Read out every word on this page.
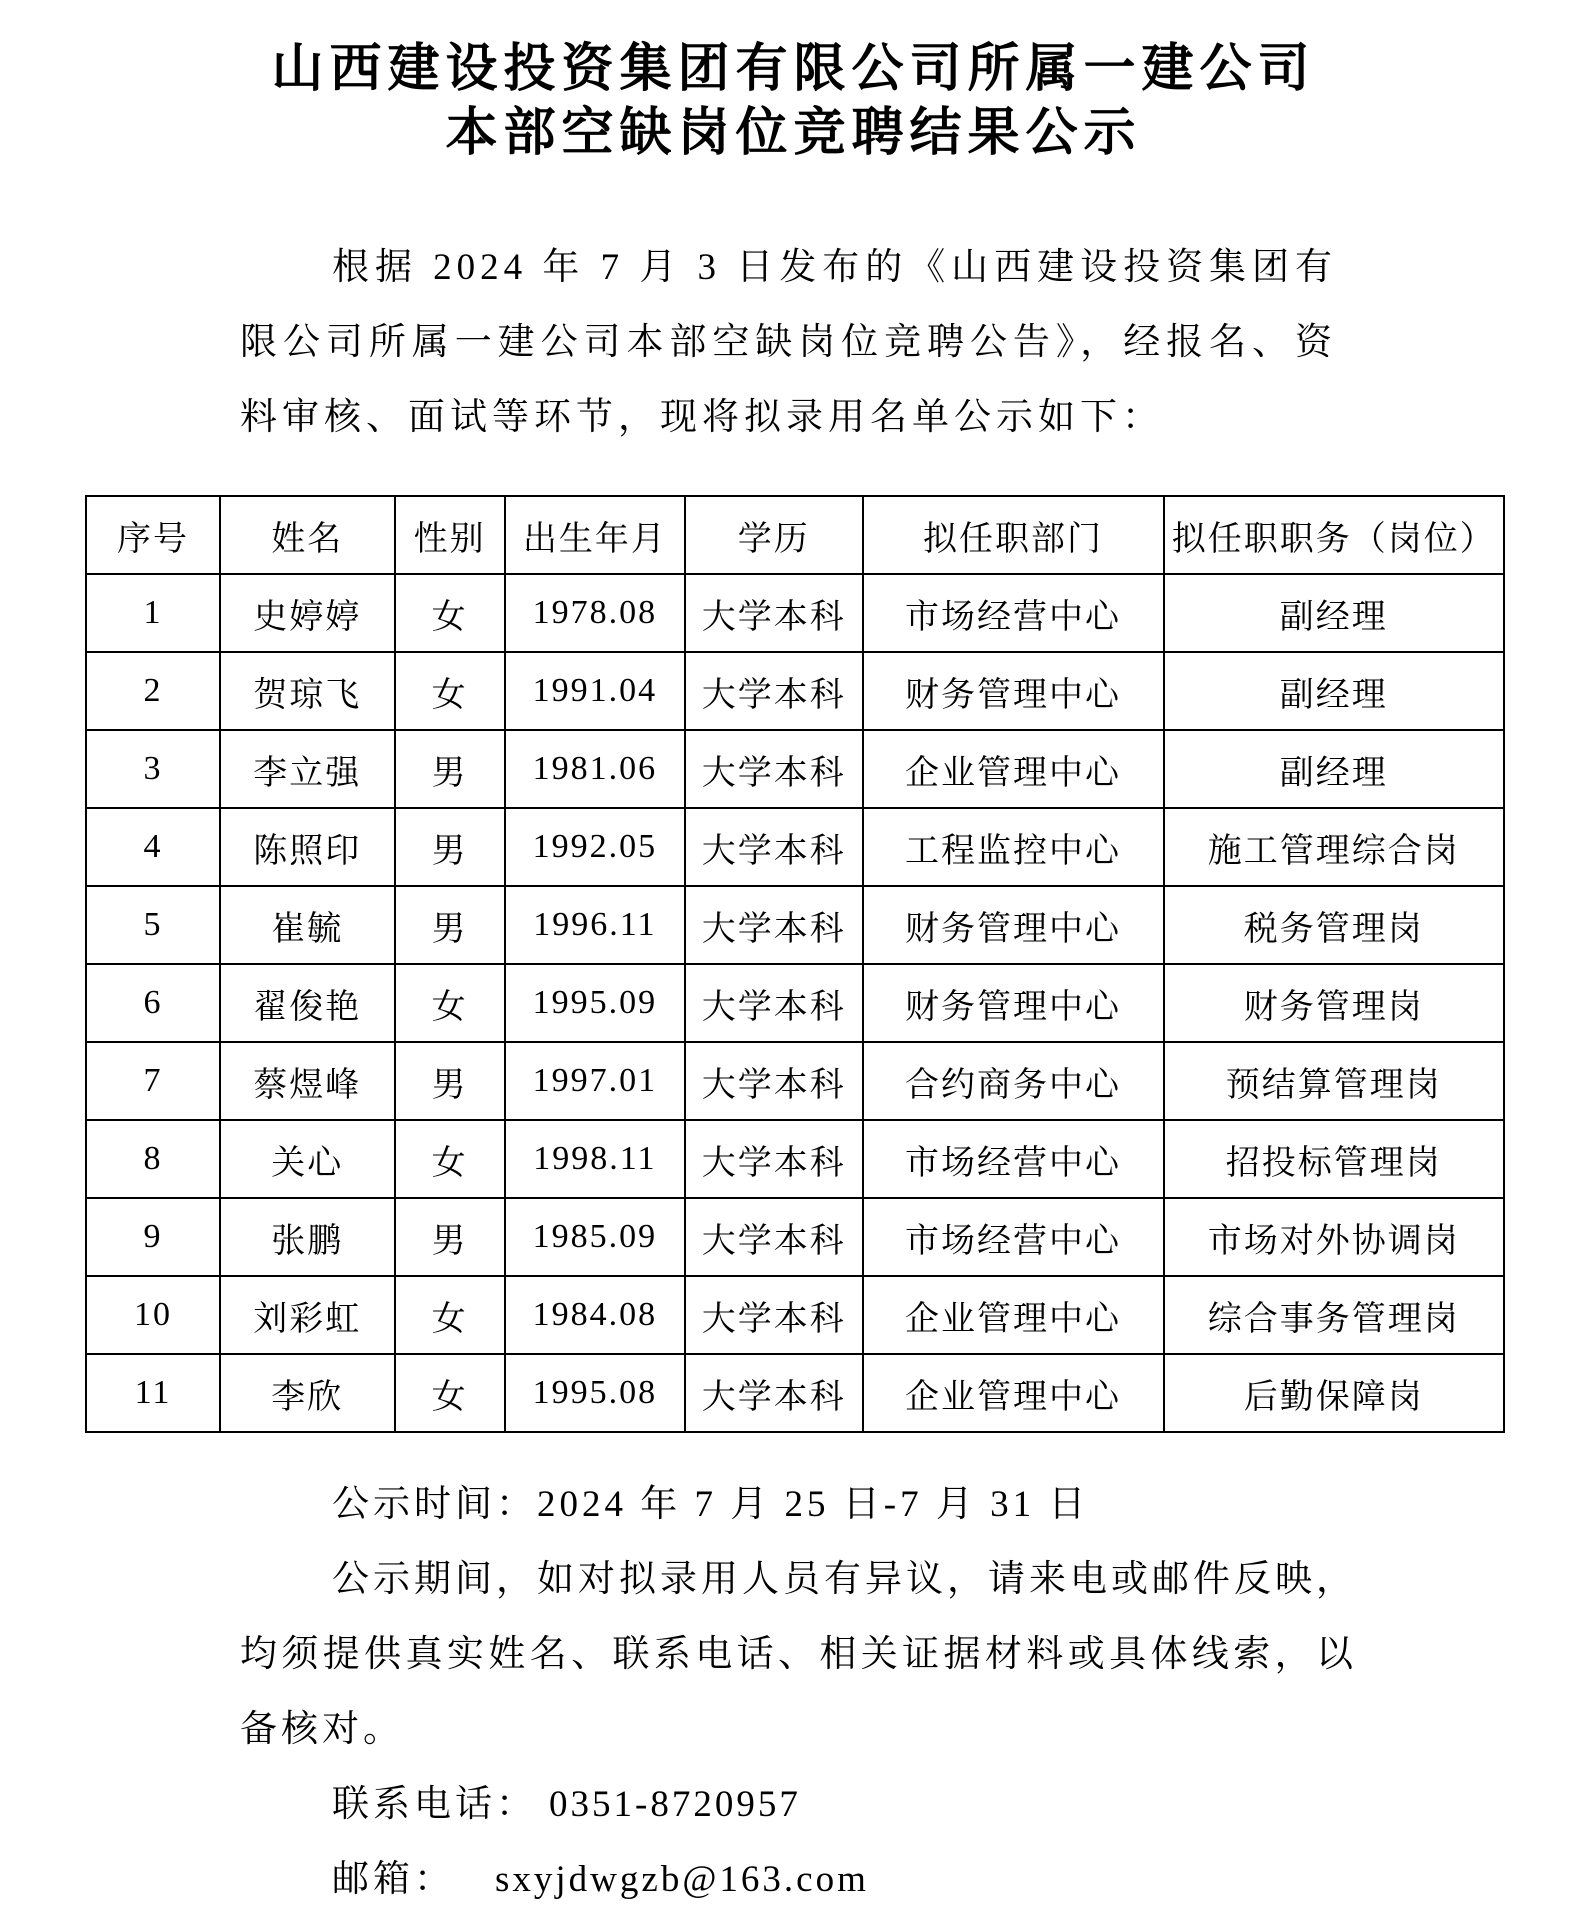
山西建设投资集团有限公司所属一建公司
本部空缺岗位竞聘结果公示

根据 2024 年 7 月 3 日发布的《山西建设投资集团有限公司所属一建公司本部空缺岗位竞聘公告》，经报名、资料审核、面试等环节，现将拟录用名单公示如下：

序号	姓名	性别	出生年月	学历	拟任职部门	拟任职职务（岗位）
1	史婷婷	女	1978.08	大学本科	市场经营中心	副经理
2	贺琼飞	女	1991.04	大学本科	财务管理中心	副经理
3	李立强	男	1981.06	大学本科	企业管理中心	副经理
4	陈照印	男	1992.05	大学本科	工程监控中心	施工管理综合岗
5	崔毓	男	1996.11	大学本科	财务管理中心	税务管理岗
6	翟俊艳	女	1995.09	大学本科	财务管理中心	财务管理岗
7	蔡煜峰	男	1997.01	大学本科	合约商务中心	预结算管理岗
8	关心	女	1998.11	大学本科	市场经营中心	招投标管理岗
9	张鹏	男	1985.09	大学本科	市场经营中心	市场对外协调岗
10	刘彩虹	女	1984.08	大学本科	企业管理中心	综合事务管理岗
11	李欣	女	1995.08	大学本科	企业管理中心	后勤保障岗

公示时间：2024 年 7 月 25 日-7 月 31 日

公示期间，如对拟录用人员有异议，请来电或邮件反映，均须提供真实姓名、联系电话、相关证据材料或具体线索，以备核对。

联系电话： 0351-8720957

邮箱： sxyjdwgzb@163.com
